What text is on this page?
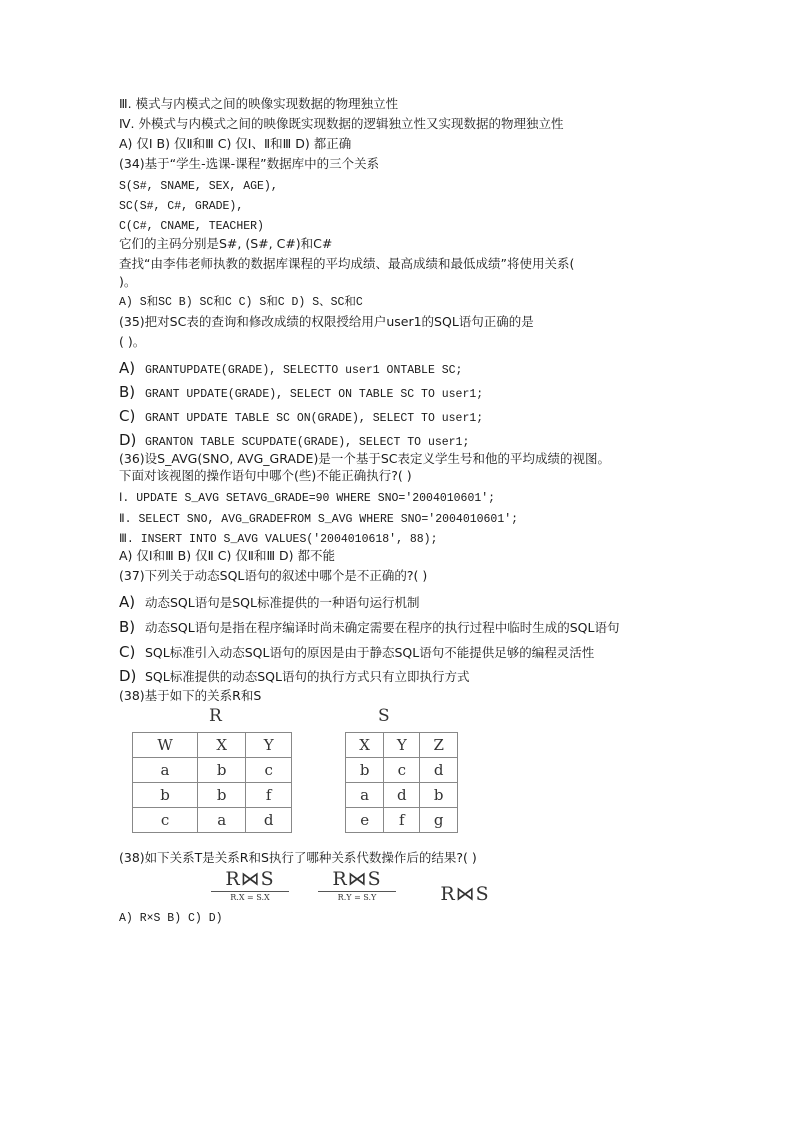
Ⅲ. 模式与内模式之间的映像实现数据的物理独立性
Ⅳ. 外模式与内模式之间的映像既实现数据的逻辑独立性又实现数据的物理独立性
A) 仅Ⅰ B) 仅Ⅱ和Ⅲ C) 仅Ⅰ、Ⅱ和Ⅲ D) 都正确
(34)基于“学生-选课-课程”数据库中的三个关系
S(S#, SNAME, SEX, AGE),
SC(S#, C#, GRADE),
C(C#, CNAME, TEACHER)
它们的主码分别是S#, (S#, C#)和C#
查找“由李伟老师执教的数据库课程的平均成绩、最高成绩和最低成绩”将使用关系(
)。
A) S和SC B) SC和C C) S和C D) S、SC和C
(35)把对SC表的查询和修改成绩的权限授给用户user1的SQL语句正确的是
( )。
A) GRANTUPDATE(GRADE), SELECTTO user1 ONTABLE SC;
B) GRANT UPDATE(GRADE), SELECT ON TABLE SC TO user1;
C) GRANT UPDATE TABLE SC ON(GRADE), SELECT TO user1;
D) GRANTON TABLE SCUPDATE(GRADE), SELECT TO user1;
(36)设S_AVG(SNO, AVG_GRADE)是一个基于SC表定义学生号和他的平均成绩的视图。
下面对该视图的操作语句中哪个(些)不能正确执行?( )
Ⅰ. UPDATE S_AVG SETAVG_GRADE=90 WHERE SNO='2004010601';
Ⅱ. SELECT SNO, AVG_GRADEFROM S_AVG WHERE SNO='2004010601';
Ⅲ. INSERT INTO S_AVG VALUES('2004010618', 88);
A) 仅Ⅰ和Ⅲ B) 仅Ⅱ C) 仅Ⅱ和Ⅲ D) 都不能
(37)下列关于动态SQL语句的叙述中哪个是不正确的?( )
A) 动态SQL语句是SQL标准提供的一种语句运行机制
B) 动态SQL语句是指在程序编译时尚未确定需要在程序的执行过程中临时生成的SQL语句
C) SQL标准引入动态SQL语句的原因是由于静态SQL语句不能提供足够的编程灵活性
D) SQL标准提供的动态SQL语句的执行方式只有立即执行方式
(38)基于如下的关系R和S
R
W	X	Y
a	b	c
b	b	f
c	a	d
S
X	Y	Z
b	c	d
a	d	b
e	f	g
(38)如下关系T是关系R和S执行了哪种关系代数操作后的结果?( )
R⋈S
R.X = S.X
R⋈S
R.Y = S.Y	R⋈S
A) R×S B) C) D)
